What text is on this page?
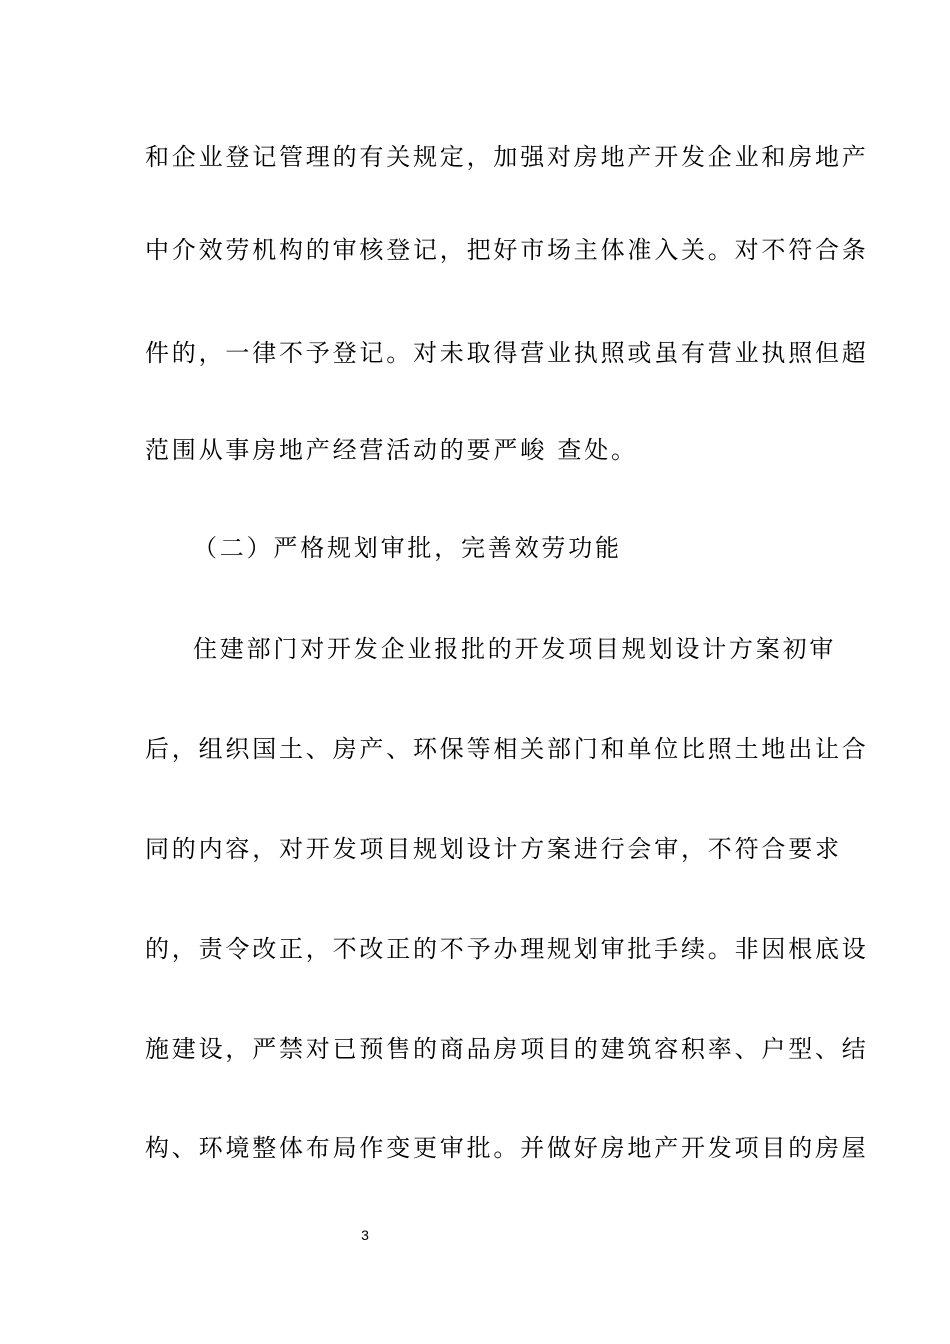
和企业登记管理的有关规定，加强对房地产开发企业和房地产
中介效劳机构的审核登记，把好市场主体准入关。对不符合条
件的，一律不予登记。对未取得营业执照或虽有营业执照但超
范围从事房地产经营活动的要严峻 查处。
（二）严格规划审批，完善效劳功能
住建部门对开发企业报批的开发项目规划设计方案初审
后，组织国土、房产、环保等相关部门和单位比照土地出让合
同的内容，对开发项目规划设计方案进行会审，不符合要求
的，责令改正，不改正的不予办理规划审批手续。非因根底设
施建设，严禁对已预售的商品房项目的建筑容积率、户型、结
构、环境整体布局作变更审批。并做好房地产开发项目的房屋
3
